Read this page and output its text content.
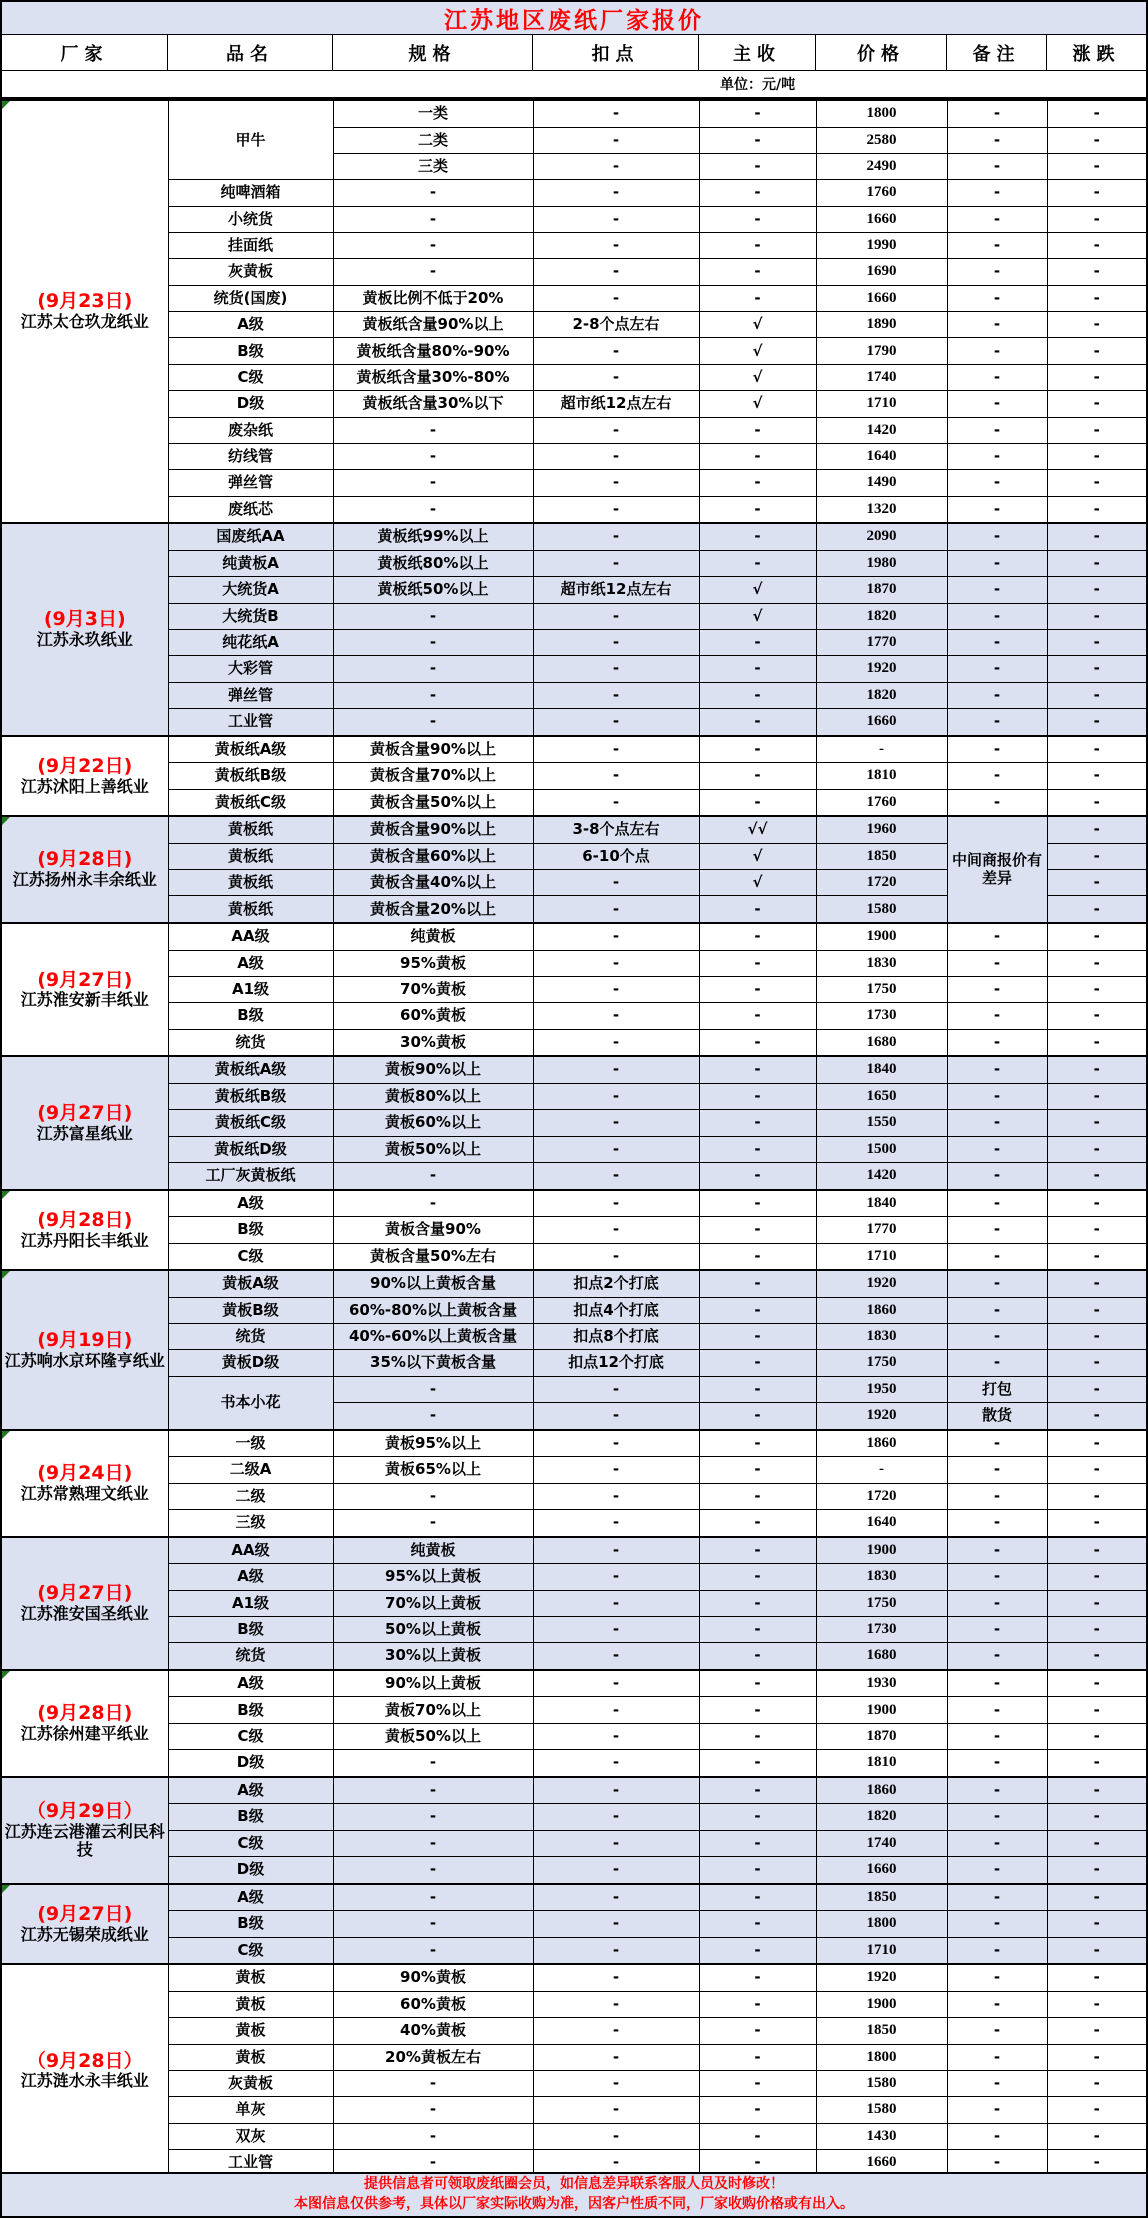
江苏地区废纸厂家报价
厂家	品名	规格	扣点	主收	价格	备注	涨跌
单位：元/吨
(9月23日)
江苏太仓玖龙纸业	甲牛	一类	-	-	1800	-	-
		二类	-	-	2580	-	-
		三类	-	-	2490	-	-
	纯啤酒箱	-	-	-	1760	-	-
	小统货	-	-	-	1660	-	-
	挂面纸	-	-	-	1990	-	-
	灰黄板	-	-	-	1690	-	-
	统货(国废)	黄板比例不低于20%	-	-	1660	-	-
	A级	黄板纸含量90%以上	2-8个点左右	√	1890	-	-
	B级	黄板纸含量80%-90%	-	√	1790	-	-
	C级	黄板纸含量30%-80%	-	√	1740	-	-
	D级	黄板纸含量30%以下	超市纸12点左右	√	1710	-	-
	废杂纸	-	-	-	1420	-	-
	纺线管	-	-	-	1640	-	-
	弹丝管	-	-	-	1490	-	-
	废纸芯	-	-	-	1320	-	-

(9月3日)
江苏永玖纸业	国废纸AA	黄板纸99%以上	-	-	2090	-	-
	纯黄板A	黄板纸80%以上	-	-	1980	-	-
	大统货A	黄板纸50%以上	超市纸12点左右	√	1870	-	-
	大统货B	-	-	√	1820	-	-
	纯花纸A	-	-	-	1770	-	-
	大彩管	-	-	-	1920	-	-
	弹丝管	-	-	-	1820	-	-
	工业管	-	-	-	1660	-	-

(9月22日)
江苏沭阳上善纸业	黄板纸A级	黄板含量90%以上	-	-	-	-	-
	黄板纸B级	黄板含量70%以上	-	-	1810	-	-
	黄板纸C级	黄板含量50%以上	-	-	1760	-	-

(9月28日)
江苏扬州永丰余纸业	黄板纸	黄板含量90%以上	3-8个点左右	√√	1960	中间商报价有差异	-
	黄板纸	黄板含量60%以上	6-10个点	√	1850		-
	黄板纸	黄板含量40%以上	-	√	1720		-
	黄板纸	黄板含量20%以上	-	-	1580		-

(9月27日)
江苏淮安新丰纸业	AA级	纯黄板	-	-	1900	-	-
	A级	95%黄板	-	-	1830	-	-
	A1级	70%黄板	-	-	1750	-	-
	B级	60%黄板	-	-	1730	-	-
	统货	30%黄板	-	-	1680	-	-

(9月27日)
江苏富星纸业	黄板纸A级	黄板90%以上	-	-	1840	-	-
	黄板纸B级	黄板80%以上	-	-	1650	-	-
	黄板纸C级	黄板60%以上	-	-	1550	-	-
	黄板纸D级	黄板50%以上	-	-	1500	-	-
	工厂灰黄板纸	-	-	-	1420	-	-

(9月28日)
江苏丹阳长丰纸业	A级	-	-	-	1840	-	-
	B级	黄板含量90%	-	-	1770	-	-
	C级	黄板含量50%左右	-	-	1710	-	-

(9月19日)
江苏响水京环隆亨纸业	黄板A级	90%以上黄板含量	扣点2个打底	-	1920	-	-
	黄板B级	60%-80%以上黄板含量	扣点4个打底	-	1860	-	-
	统货	40%-60%以上黄板含量	扣点8个打底	-	1830	-	-
	黄板D级	35%以下黄板含量	扣点12个打底	-	1750	-	-
	书本小花	-	-	-	1950	打包	-
		-	-	-	1920	散货	-

(9月24日)
江苏常熟理文纸业	一级	黄板95%以上	-	-	1860	-	-
	二级A	黄板65%以上	-	-	-	-	-
	二级	-	-	-	1720	-	-
	三级	-	-	-	1640	-	-

(9月27日)
江苏淮安国圣纸业	AA级	纯黄板	-	-	1900	-	-
	A级	95%以上黄板	-	-	1830	-	-
	A1级	70%以上黄板	-	-	1750	-	-
	B级	50%以上黄板	-	-	1730	-	-
	统货	30%以上黄板	-	-	1680	-	-

(9月28日)
江苏徐州建平纸业	A级	90%以上黄板	-	-	1930	-	-
	B级	黄板70%以上	-	-	1900	-	-
	C级	黄板50%以上	-	-	1870	-	-
	D级	-	-	-	1810	-	-

（9月29日）
江苏连云港灌云利民科技	A级	-	-	-	1860	-	-
	B级	-	-	-	1820	-	-
	C级	-	-	-	1740	-	-
	D级	-	-	-	1660	-	-

(9月27日)
江苏无锡荣成纸业	A级	-	-	-	1850	-	-
	B级	-	-	-	1800	-	-
	C级	-	-	-	1710	-	-

（9月28日）
江苏涟水永丰纸业	黄板	90%黄板	-	-	1920	-	-
	黄板	60%黄板	-	-	1900	-	-
	黄板	40%黄板	-	-	1850	-	-
	黄板	20%黄板左右	-	-	1800	-	-
	灰黄板	-	-	-	1580	-	-
	单灰	-	-	-	1580	-	-
	双灰	-	-	-	1430	-	-
	工业管	-	-	-	1660	-	-
提供信息者可领取废纸圈会员，如信息差异联系客服人员及时修改！
本图信息仅供参考，具体以厂家实际收购为准，因客户性质不同，厂家收购价格或有出入。
